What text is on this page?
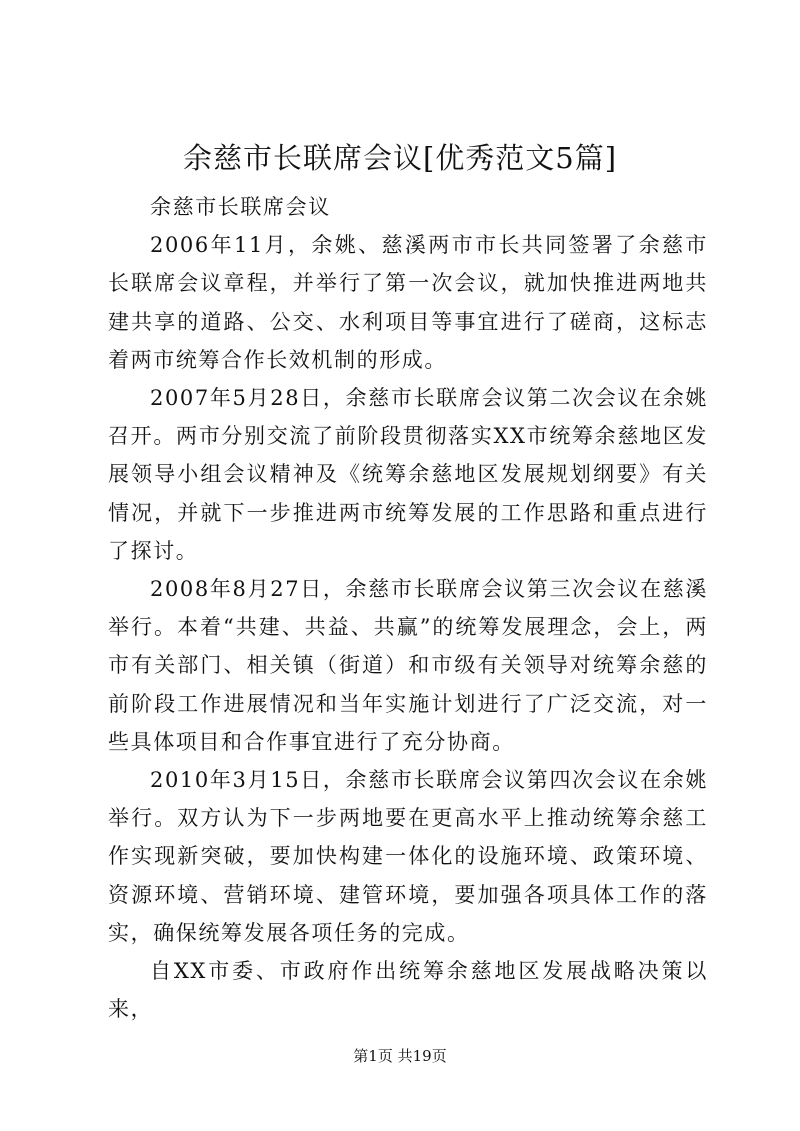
余慈市长联席会议[优秀范文5篇]

余慈市长联席会议

2006年11月，余姚、慈溪两市市长共同签署了余慈市长联席会议章程，并举行了第一次会议，就加快推进两地共建共享的道路、公交、水利项目等事宜进行了磋商，这标志着两市统筹合作长效机制的形成。

2007年5月28日，余慈市长联席会议第二次会议在余姚召开。两市分别交流了前阶段贯彻落实XX市统筹余慈地区发展领导小组会议精神及《统筹余慈地区发展规划纲要》有关情况，并就下一步推进两市统筹发展的工作思路和重点进行了探讨。

2008年8月27日，余慈市长联席会议第三次会议在慈溪举行。本着“共建、共益、共赢”的统筹发展理念，会上，两市有关部门、相关镇（街道）和市级有关领导对统筹余慈的前阶段工作进展情况和当年实施计划进行了广泛交流，对一些具体项目和合作事宜进行了充分协商。

2010年3月15日，余慈市长联席会议第四次会议在余姚举行。双方认为下一步两地要在更高水平上推动统筹余慈工作实现新突破，要加快构建一体化的设施环境、政策环境、资源环境、营销环境、建管环境，要加强各项具体工作的落实，确保统筹发展各项任务的完成。

自XX市委、市政府作出统筹余慈地区发展战略决策以来，

第1页 共19页
